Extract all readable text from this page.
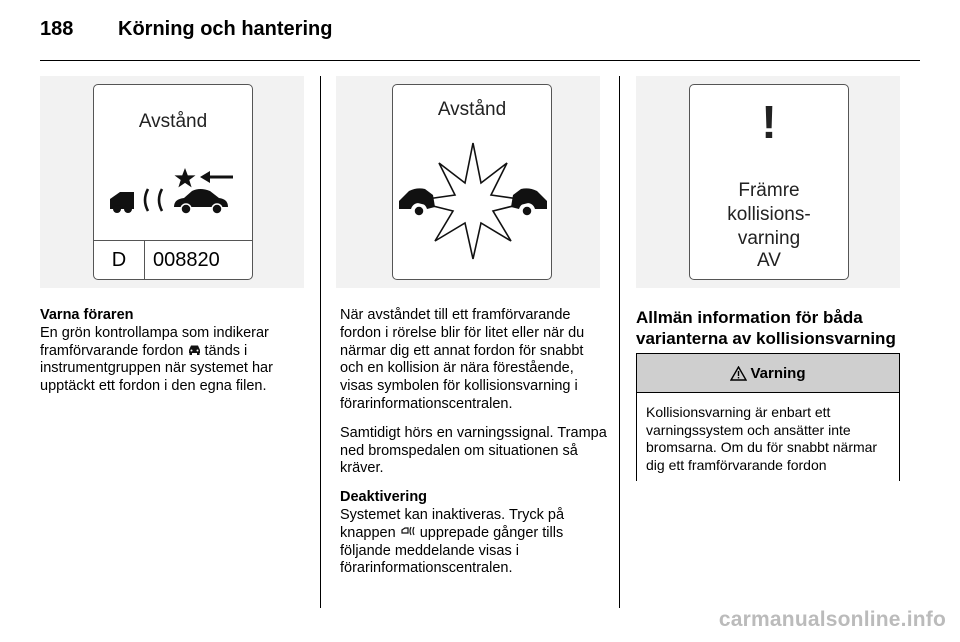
188	Körning och hantering
Avstånd
D	008820
Avstånd	!
Främre
kollisions-
varning
AV

Varna föraren
En grön kontrollampa som indikerar framförvarande fordon tänds i instrumentgruppen när systemet har upptäckt ett fordon i den egna filen.

När avståndet till ett framförvarande fordon i rörelse blir för litet eller när du närmar dig ett annat fordon för snabbt och en kollision är nära förestående, visas symbolen för kollisionsvarning i förarinformationscentralen.

Samtidigt hörs en varningssignal. Trampa ned bromspedalen om situationen så kräver.

Deaktivering
Systemet kan inaktiveras. Tryck på knappen upprepade gånger tills följande meddelande visas i förarinformationscentralen.

Allmän information för båda varianterna av kollisionsvarning
Varning
Kollisionsvarning är enbart ett varningssystem och ansätter inte bromsarna. Om du för snabbt närmar dig ett framförvarande fordon
carmanualsonline.info
